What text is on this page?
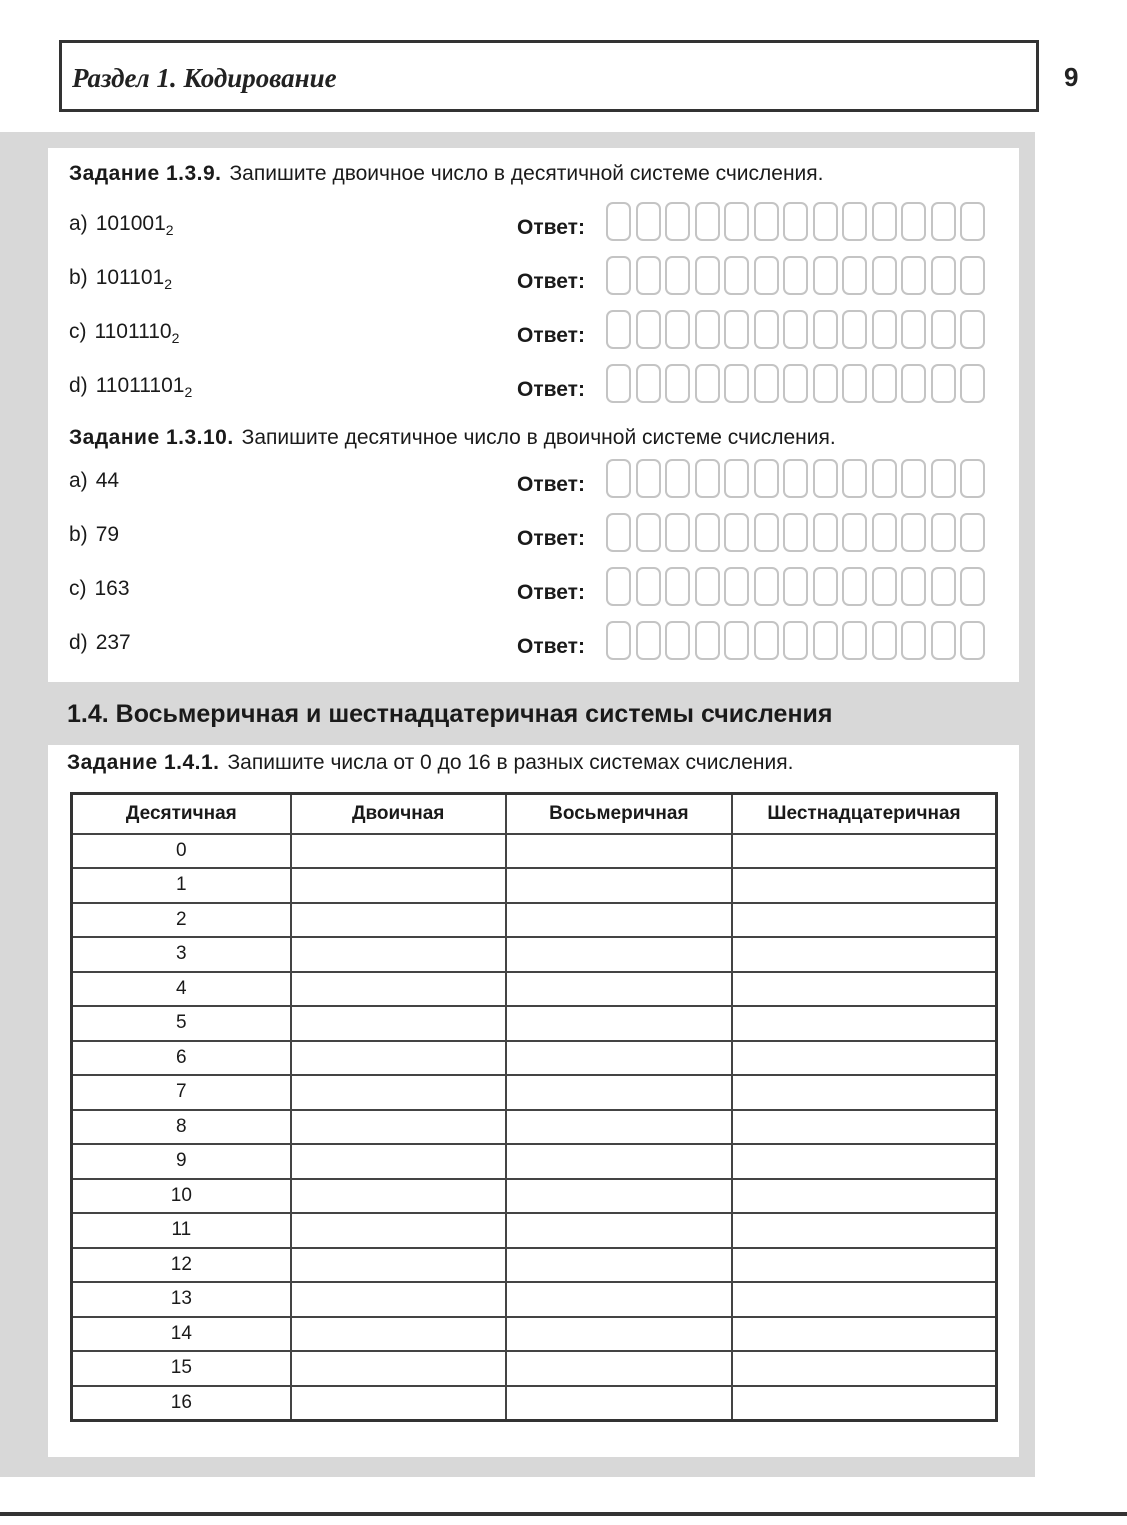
Раздел 1. Кодирование	9
Задание 1.3.9. Запишите двоичное число в десятичной системе счисления.
a) $101001_2$	Ответ:
b) $101101_2$	Ответ:
c) $1101110_2$	Ответ:
d) $11011101_2$	Ответ:
Задание 1.3.10. Запишите десятичное число в двоичной системе счисления.
a) 44	Ответ:
b) 79	Ответ:
c) 163	Ответ:
d) 237	Ответ:
1.4. Восьмеричная и шестнадцатеричная системы счисления
Задание 1.4.1. Запишите числа от 0 до 16 в разных системах счисления.
Десятичная	Двоичная	Восьмеричная	Шестнадцатеричная
0			
1			
2			
3			
4			
5			
6			
7			
8			
9			
10			
11			
12			
13			
14			
15			
16			
